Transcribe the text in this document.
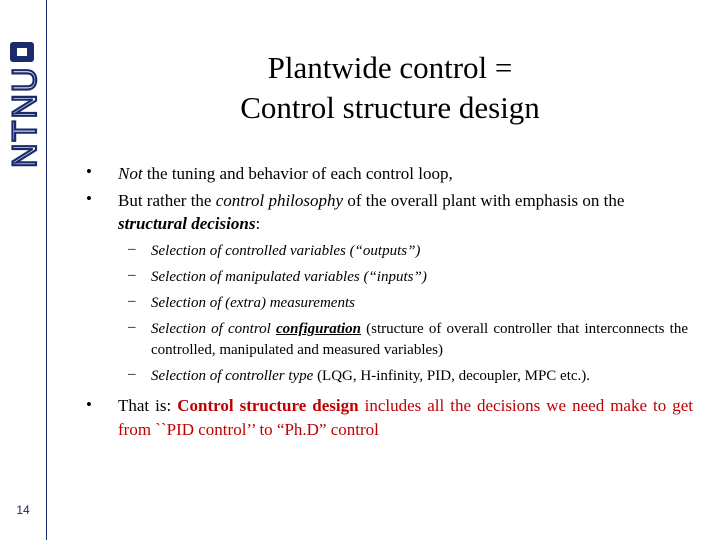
NTNU
14
Plantwide control =
Control structure design
•	Not the tuning and behavior of each control loop,
•	But rather the control philosophy of the overall plant with emphasis on the structural decisions:
– Selection of controlled variables (“outputs”)
– Selection of manipulated variables (“inputs”)
– Selection of (extra) measurements
– Selection of control configuration (structure of overall controller that interconnects the controlled, manipulated and measured variables)
– Selection of controller type (LQG, H-infinity, PID, decoupler, MPC etc.).
•	That is: Control structure design includes all the decisions we need make to get from ``PID control’’ to “Ph.D” control
